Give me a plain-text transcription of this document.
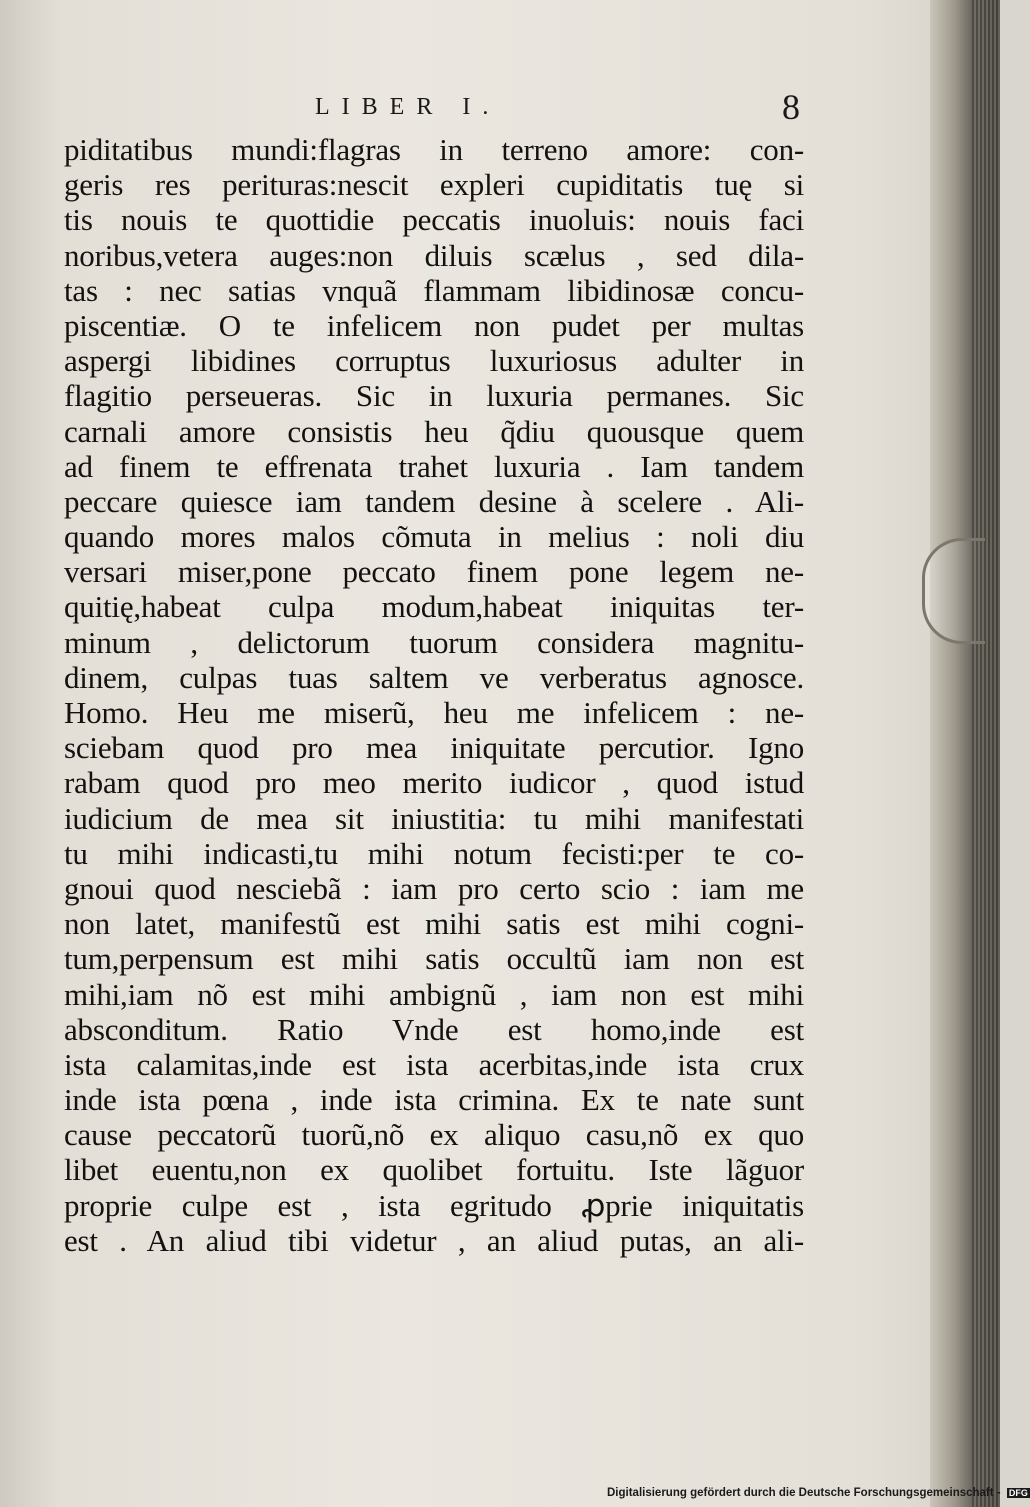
LIBER I.	8
piditatibus mundi:flagras in terreno amore: con-
geris res perituras:nescit expleri cupiditatis tuę si
tis nouis te quottidie peccatis inuoluis: nouis faci
noribus,vetera auges:non diluis scælus , sed dila-
tas : nec satias vnquã flammam libidinosæ concu-
piscentiæ. O te infelicem non pudet per multas
aspergi libidines corruptus luxuriosus adulter in
flagitio perseueras. Sic in luxuria permanes. Sic
carnali amore consistis heu q̃diu quousque quem
ad finem te effrenata trahet luxuria . Iam tandem
peccare quiesce iam tandem desine à scelere . Ali-
quando mores malos cõmuta in melius : noli diu
versari miser,pone peccato finem pone legem ne-
quitię,habeat culpa modum,habeat iniquitas ter-
minum , delictorum tuorum considera magnitu-
dinem, culpas tuas saltem ve verberatus agnosce.
Homo. Heu me miserũ, heu me infelicem : ne-
sciebam quod pro mea iniquitate percutior. Igno
rabam quod pro meo merito iudicor , quod istud
iudicium de mea sit iniustitia: tu mihi manifestati
tu mihi indicasti,tu mihi notum fecisti:per te co-
gnoui quod nesciebã : iam pro certo scio : iam me
non latet, manifestũ est mihi satis est mihi cogni-
tum,perpensum est mihi satis occultũ iam non est
mihi,iam nõ est mihi ambignũ , iam non est mihi
absconditum. Ratio Vnde est homo,inde est
ista calamitas,inde est ista acerbitas,inde ista crux
inde ista pœna , inde ista crimina. Ex te nate sunt
cause peccatorũ tuorũ,nõ ex aliquo casu,nõ ex quo
libet euentu,non ex quolibet fortuitu. Iste lãguor
proprie culpe est , ista egritudo ꝓprie iniquitatis
est . An aliud tibi videtur , an aliud putas, an ali-
Digitalisierung gefördert durch die Deutsche Forschungsgemeinschaft - DFG
